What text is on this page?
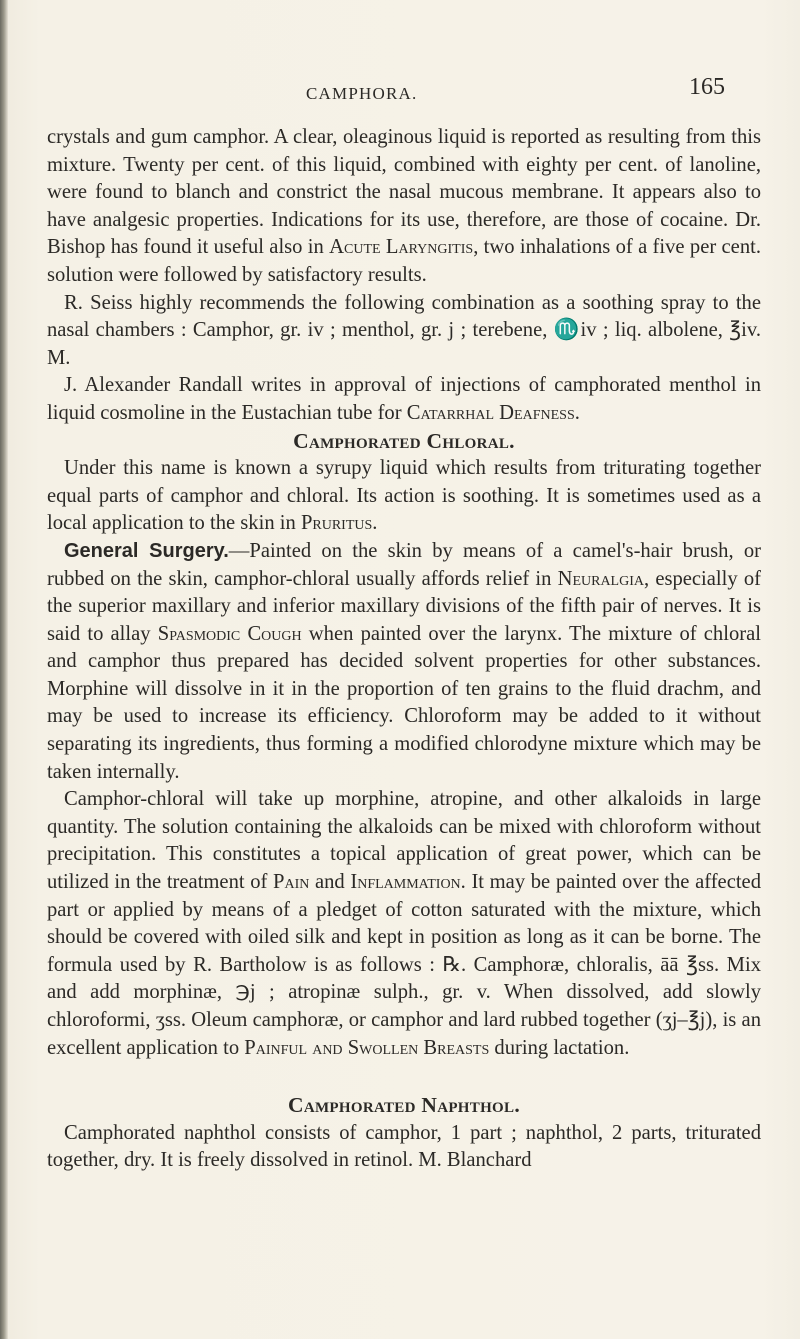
CAMPHORA.	165

crystals and gum camphor. A clear, oleaginous liquid is reported as resulting from this mixture. Twenty per cent. of this liquid, combined with eighty per cent. of lanoline, were found to blanch and constrict the nasal mucous membrane. It appears also to have analgesic properties. Indications for its use, therefore, are those of cocaine. Dr. Bishop has found it useful also in Acute Laryngitis, two inhalations of a five per cent. solution were followed by satisfactory results.

R. Seiss highly recommends the following combination as a soothing spray to the nasal chambers : Camphor, gr. iv ; menthol, gr. j ; terebene, ♏iv ; liq. albolene, ℥iv. M.

J. Alexander Randall writes in approval of injections of camphorated menthol in liquid cosmoline in the Eustachian tube for Catarrhal Deafness.

Camphorated Chloral.

Under this name is known a syrupy liquid which results from triturating together equal parts of camphor and chloral. Its action is soothing. It is sometimes used as a local application to the skin in Pruritus.

General Surgery.—Painted on the skin by means of a camel's-hair brush, or rubbed on the skin, camphor-chloral usually affords relief in Neuralgia, especially of the superior maxillary and inferior maxillary divisions of the fifth pair of nerves. It is said to allay Spasmodic Cough when painted over the larynx. The mixture of chloral and camphor thus prepared has decided solvent properties for other substances. Morphine will dissolve in it in the proportion of ten grains to the fluid drachm, and may be used to increase its efficiency. Chloroform may be added to it without separating its ingredients, thus forming a modified chlorodyne mixture which may be taken internally.

Camphor-chloral will take up morphine, atropine, and other alkaloids in large quantity. The solution containing the alkaloids can be mixed with chloroform without precipitation. This constitutes a topical application of great power, which can be utilized in the treatment of Pain and Inflammation. It may be painted over the affected part or applied by means of a pledget of cotton saturated with the mixture, which should be covered with oiled silk and kept in position as long as it can be borne. The formula used by R. Bartholow is as follows : ℞. Camphoræ, chloralis, āā ℥ss. Mix and add morphinæ, ℈j ; atropinæ sulph., gr. v. When dissolved, add slowly chloroformi, ʒss. Oleum camphoræ, or camphor and lard rubbed together (ʒj–℥j), is an excellent application to Painful and Swollen Breasts during lactation.

Camphorated Naphthol.

Camphorated naphthol consists of camphor, 1 part ; naphthol, 2 parts, triturated together, dry. It is freely dissolved in retinol. M. Blanchard
